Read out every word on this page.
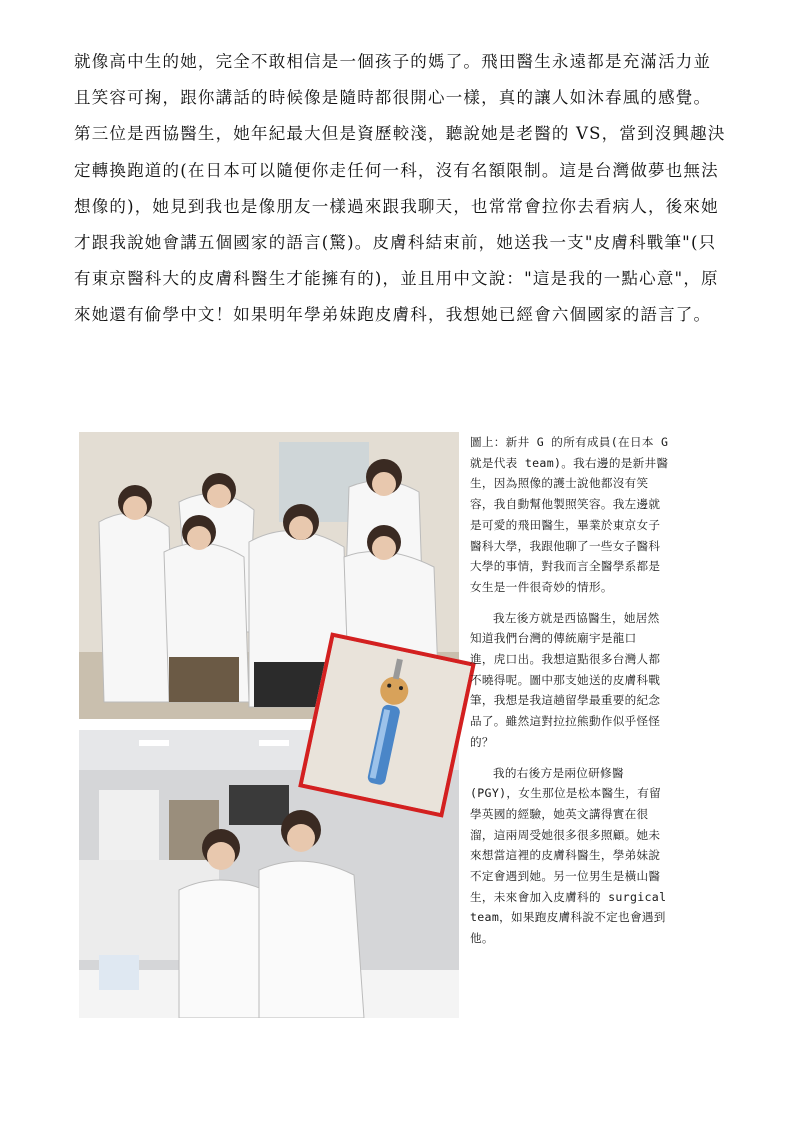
就像高中生的她，完全不敢相信是一個孩子的媽了。飛田醫生永遠都是充滿活力並

且笑容可掬，跟你講話的時候像是隨時都很開心一樣，真的讓人如沐春風的感覺。

第三位是西協醫生，她年紀最大但是資歷較淺，聽說她是老醫的 VS，當到沒興趣決

定轉換跑道的(在日本可以隨便你走任何一科，沒有名額限制。這是台灣做夢也無法

想像的)，她見到我也是像朋友一樣過來跟我聊天，也常常會拉你去看病人，後來她

才跟我說她會講五個國家的語言(驚)。皮膚科結束前，她送我一支"皮膚科戰筆"(只

有東京醫科大的皮膚科醫生才能擁有的)，並且用中文說："這是我的一點心意"，原

來她還有偷學中文！如果明年學弟妹跑皮膚科，我想她已經會六個國家的語言了。

圖上：新井 G 的所有成員(在日本 G

就是代表 team)。我右邊的是新井醫

生，因為照像的護士說他都沒有笑

容，我自動幫他製照笑容。我左邊就

是可愛的飛田醫生，畢業於東京女子

醫科大學，我跟他聊了一些女子醫科

大學的事情，對我而言全醫學系都是

女生是一件很奇妙的情形。

我左後方就是西協醫生，她居然

知道我們台灣的傳統廟宇是龍口

進，虎口出。我想這點很多台灣人都

不曉得呢。圖中那支她送的皮膚科戰

筆，我想是我這趟留學最重要的紀念

品了。雖然這對拉拉熊動作似乎怪怪

的？

我的右後方是兩位研修醫

(PGY)，女生那位是松本醫生，有留

學英國的經驗，她英文講得實在很

溜，這兩周受她很多很多照顧。她未

來想當這裡的皮膚科醫生，學弟妹說

不定會遇到她。另一位男生是橫山醫

生，未來會加入皮膚科的 surgical

team，如果跑皮膚科說不定也會遇到

他。
